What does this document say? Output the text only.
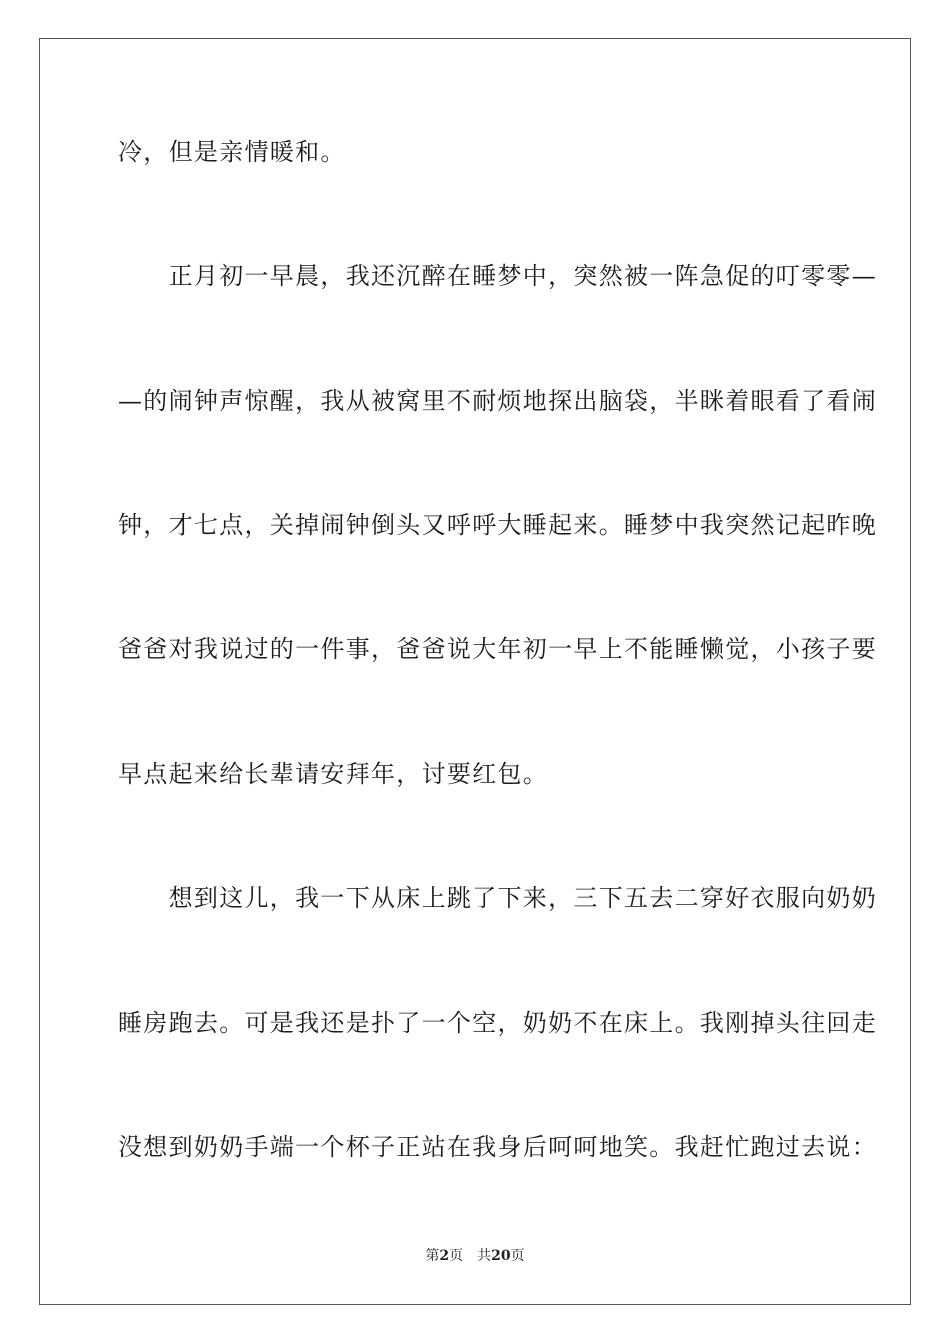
冷，但是亲情暖和。
　　正月初一早晨，我还沉醉在睡梦中，突然被一阵急促的叮零零—
—的闹钟声惊醒，我从被窝里不耐烦地探出脑袋，半眯着眼看了看闹
钟，才七点，关掉闹钟倒头又呼呼大睡起来。睡梦中我突然记起昨晚
爸爸对我说过的一件事，爸爸说大年初一早上不能睡懒觉，小孩子要
早点起来给长辈请安拜年，讨要红包。
　　想到这儿，我一下从床上跳了下来，三下五去二穿好衣服向奶奶
睡房跑去。可是我还是扑了一个空，奶奶不在床上。我刚掉头往回走
没想到奶奶手端一个杯子正站在我身后呵呵地笑。我赶忙跑过去说：
第2页 共20页
